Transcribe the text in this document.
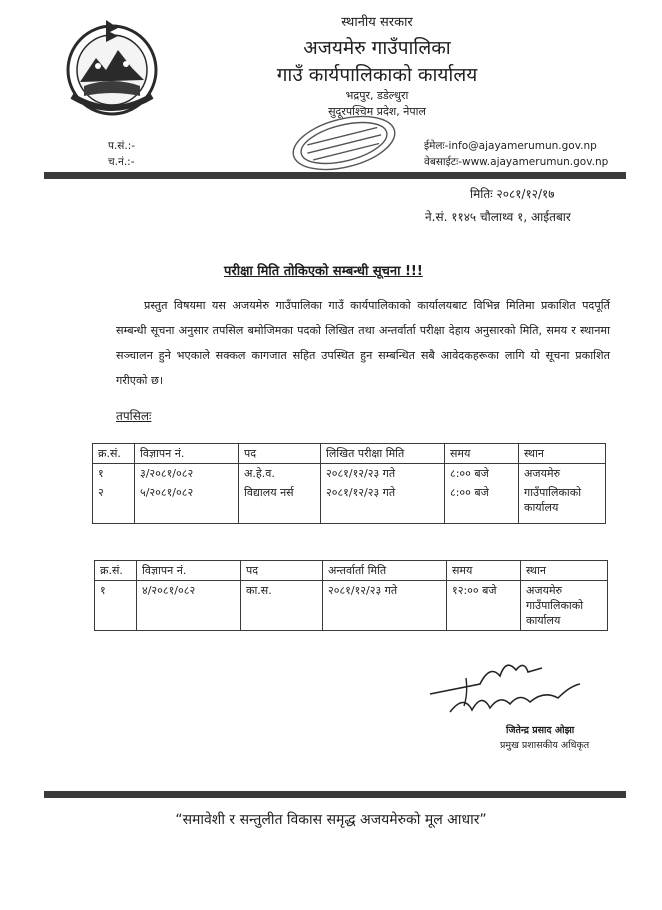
स्थानीय सरकार
अजयमेरु गाउँपालिका
गाउँ कार्यपालिकाको कार्यालय
भद्रपुर, डडेल्धुरा
सुदूरपश्चिम प्रदेश, नेपाल
प.सं.:-
च.नं.:-
ईमेलः-info@ajayamerumun.gov.np
वेबसाईटः-www.ajayamerumun.gov.np
मितिः २०८१/१२/१७
ने.सं. ११४५ चौलाथ्व १, आईतबार
परीक्षा मिति तोकिएको सम्बन्धी सूचना !!!

प्रस्तुत विषयमा यस अजयमेरु गाउँपालिका गाउँ कार्यपालिकाको कार्यालयबाट विभिन्न मितिमा प्रकाशित पदपूर्ति सम्बन्धी सूचना अनुसार तपसिल बमोजिमका पदको लिखित तथा अन्तर्वार्ता परीक्षा देहाय अनुसारको मिति, समय र स्थानमा सञ्चालन हुने भएकाले सक्कल कागजात सहित उपस्थित हुन सम्बन्धित सबै आवेदकहरूका लागि यो सूचना प्रकाशित गरीएको छ।

तपसिलः
क्र.सं.	विज्ञापन नं.	पद	लिखित परीक्षा मिति	समय	स्थान
१	३/२०८१/०८२	अ.हे.व.	२०८१/१२/२३ गते	८:०० बजे	अजयमेरु
२	५/२०८१/०८२	विद्यालय नर्स	२०८१/१२/२३ गते	८:०० बजे	गाउँपालिकाको कार्यालय
क्र.सं.	विज्ञापन नं.	पद	अन्तर्वार्ता मिति	समय	स्थान
१	४/२०८१/०८२	का.स.	२०८१/१२/२३ गते	१२:०० बजे	अजयमेरु गाउँपालिकाको कार्यालय
जितेन्द्र प्रसाद ओझा
प्रमुख प्रशासकीय अधिकृत
“समावेशी र सन्तुलीत विकास समृद्ध अजयमेरुको मूल आधार”
